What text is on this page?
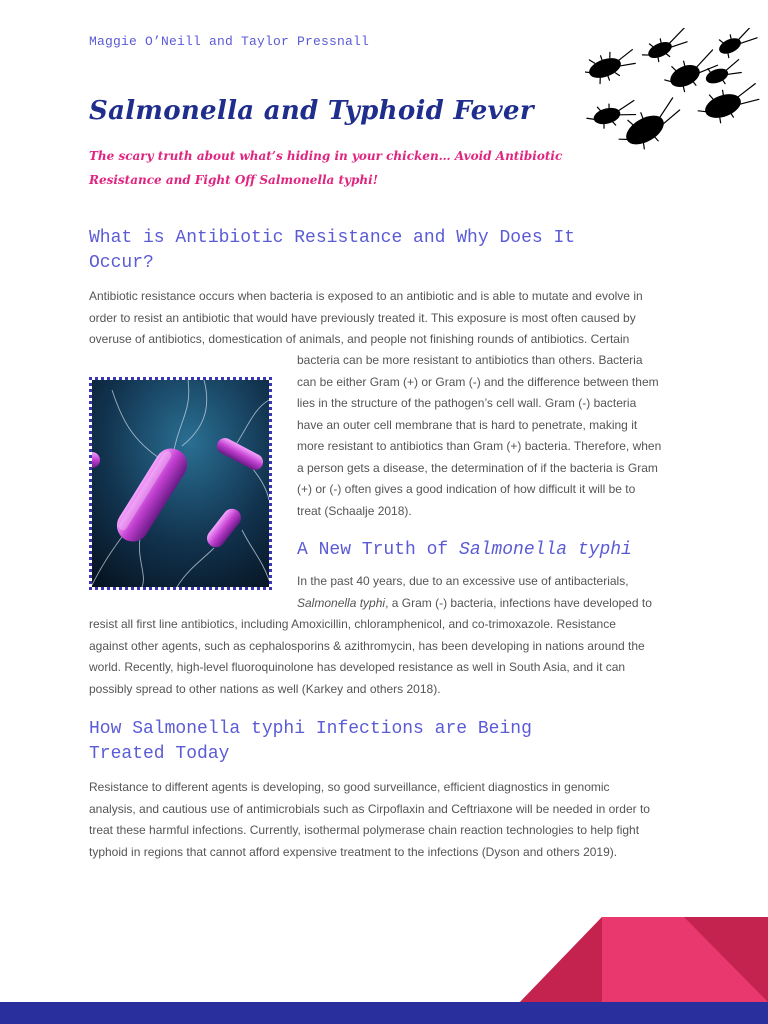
Maggie O’Neill and Taylor Pressnall
Salmonella and Typhoid Fever

The scary truth about what’s hiding in your chicken… Avoid Antibiotic Resistance and Fight Off Salmonella typhi!

What is Antibiotic Resistance and Why Does It
Occur?
Antibiotic resistance occurs when bacteria is exposed to an antibiotic and is able to mutate and evolve in
order to resist an antibiotic that would have previously treated it. This exposure is most often caused by
overuse of antibiotics, domestication of animals, and people not finishing rounds of antibiotics. Certain
bacteria can be more resistant to antibiotics than others. Bacteria
can be either Gram (+) or Gram (-) and the difference between them
lies in the structure of the pathogen’s cell wall. Gram (-) bacteria
have an outer cell membrane that is hard to penetrate, making it
more resistant to antibiotics than Gram (+) bacteria. Therefore, when
a person gets a disease, the determination of if the bacteria is Gram
(+) or (-) often gives a good indication of how difficult it will be to
treat (Schaalje 2018).
A New Truth of Salmonella typhi
In the past 40 years, due to an excessive use of antibacterials,
Salmonella typhi, a Gram (-) bacteria, infections have developed to
resist all first line antibiotics, including Amoxicillin, chloramphenicol, and co-trimoxazole. Resistance
against other agents, such as cephalosporins & azithromycin, has been developing in nations around the
world. Recently, high-level fluoroquinolone has developed resistance as well in South Asia, and it can
possibly spread to other nations as well (Karkey and others 2018).
How Salmonella typhi Infections are Being
Treated Today
Resistance to different agents is developing, so good surveillance, efficient diagnostics in genomic
analysis, and cautious use of antimicrobials such as Cirpoflaxin and Ceftriaxone will be needed in order to
treat these harmful infections. Currently, isothermal polymerase chain reaction technologies to help fight
typhoid in regions that cannot afford expensive treatment to the infections (Dyson and others 2019).
